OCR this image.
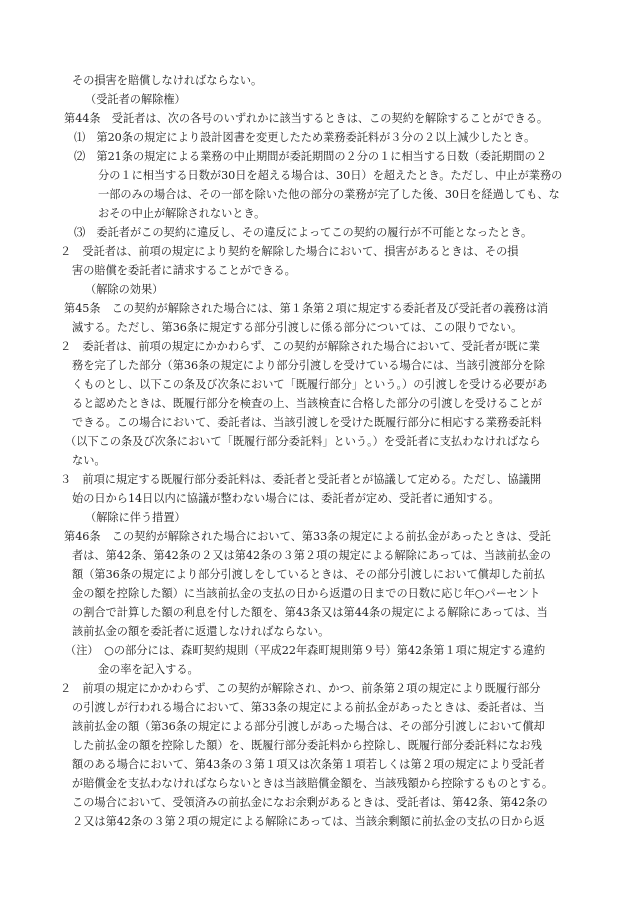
その損害を賠償しなければならない。
（受託者の解除権）
第44条　受託者は、次の各号のいずれかに該当するときは、この契約を解除することができる。
⑴　第20条の規定により設計図書を変更したため業務委託料が３分の２以上減少したとき。
⑵　第21条の規定による業務の中止期間が委託期間の２分の１に相当する日数（委託期間の２
分の１に相当する日数が30日を超える場合は、30日）を超えたとき。ただし、中止が業務の
一部のみの場合は、その一部を除いた他の部分の業務が完了した後、30日を経過しても、な
おその中止が解除されないとき。
⑶　委託者がこの契約に違反し、その違反によってこの契約の履行が不可能となったとき。
２　受託者は、前項の規定により契約を解除した場合において、損害があるときは、その損
害の賠償を委託者に請求することができる。
（解除の効果）
第45条　この契約が解除された場合には、第１条第２項に規定する委託者及び受託者の義務は消
滅する。ただし、第36条に規定する部分引渡しに係る部分については、この限りでない。
２　委託者は、前項の規定にかかわらず、この契約が解除された場合において、受託者が既に業
務を完了した部分（第36条の規定により部分引渡しを受けている場合には、当該引渡部分を除
くものとし、以下この条及び次条において「既履行部分」という。）の引渡しを受ける必要があ
ると認めたときは、既履行部分を検査の上、当該検査に合格した部分の引渡しを受けることが
できる。この場合において、委託者は、当該引渡しを受けた既履行部分に相応する業務委託料
（以下この条及び次条において「既履行部分委託料」という。）を受託者に支払わなければなら
ない。
３　前項に規定する既履行部分委託料は、委託者と受託者とが協議して定める。ただし、協議開
始の日から14日以内に協議が整わない場合には、委託者が定め、受託者に通知する。
（解除に伴う措置）
第46条　この契約が解除された場合において、第33条の規定による前払金があったときは、受託
者は、第42条、第42条の２又は第42条の３第２項の規定による解除にあっては、当該前払金の
額（第36条の規定により部分引渡しをしているときは、その部分引渡しにおいて償却した前払
金の額を控除した額）に当該前払金の支払の日から返還の日までの日数に応じ年○パーセント
の割合で計算した額の利息を付した額を、第43条又は第44条の規定による解除にあっては、当
該前払金の額を委託者に返還しなければならない。
（注）　○の部分には、森町契約規則（平成22年森町規則第９号）第42条第１項に規定する違約
金の率を記入する。
２　前項の規定にかかわらず、この契約が解除され、かつ、前条第２項の規定により既履行部分
の引渡しが行われる場合において、第33条の規定による前払金があったときは、委託者は、当
該前払金の額（第36条の規定による部分引渡しがあった場合は、その部分引渡しにおいて償却
した前払金の額を控除した額）を、既履行部分委託料から控除し、既履行部分委託料になお残
額のある場合において、第43条の３第１項又は次条第１項若しくは第２項の規定により受託者
が賠償金を支払わなければならないときは当該賠償金額を、当該残額から控除するものとする。
この場合において、受領済みの前払金になお余剰があるときは、受託者は、第42条、第42条の
２又は第42条の３第２項の規定による解除にあっては、当該余剰額に前払金の支払の日から返
